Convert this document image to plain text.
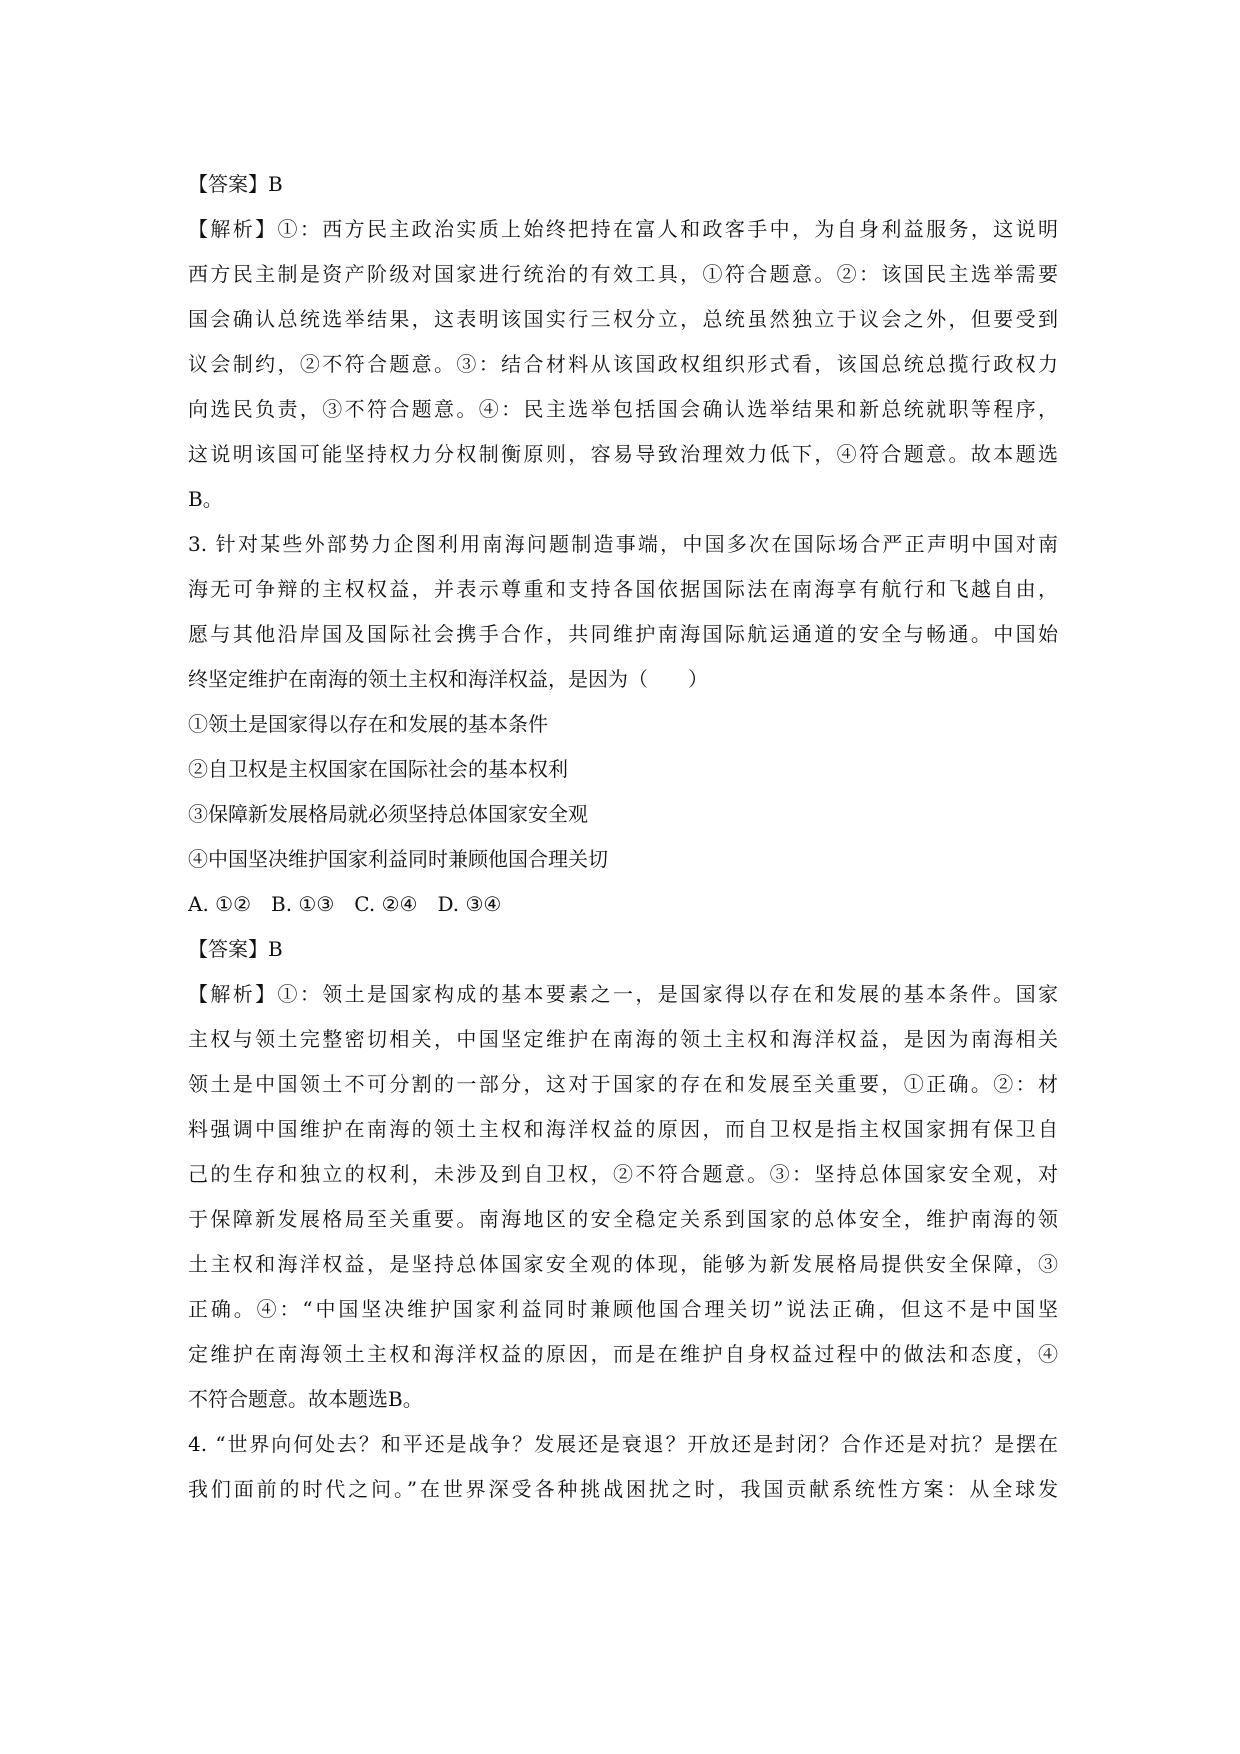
【答案】B
【解析】①：西方民主政治实质上始终把持在富人和政客手中，为自身利益服务，这说明
西方民主制是资产阶级对国家进行统治的有效工具，①符合题意。②：该国民主选举需要
国会确认总统选举结果，这表明该国实行三权分立，总统虽然独立于议会之外，但要受到
议会制约，②不符合题意。③：结合材料从该国政权组织形式看，该国总统总揽行政权力
向选民负责，③不符合题意。④：民主选举包括国会确认选举结果和新总统就职等程序，
这说明该国可能坚持权力分权制衡原则，容易导致治理效力低下，④符合题意。故本题选
B。
3. 针对某些外部势力企图利用南海问题制造事端，中国多次在国际场合严正声明中国对南
海无可争辩的主权权益，并表示尊重和支持各国依据国际法在南海享有航行和飞越自由，
愿与其他沿岸国及国际社会携手合作，共同维护南海国际航运通道的安全与畅通。中国始
终坚定维护在南海的领土主权和海洋权益，是因为（　　）
①领土是国家得以存在和发展的基本条件
②自卫权是主权国家在国际社会的基本权利
③保障新发展格局就必须坚持总体国家安全观
④中国坚决维护国家利益同时兼顾他国合理关切
A. ①②　B. ①③　C. ②④　D. ③④
【答案】B
【解析】①：领土是国家构成的基本要素之一，是国家得以存在和发展的基本条件。国家
主权与领土完整密切相关，中国坚定维护在南海的领土主权和海洋权益，是因为南海相关
领土是中国领土不可分割的一部分，这对于国家的存在和发展至关重要，①正确。②：材
料强调中国维护在南海的领土主权和海洋权益的原因，而自卫权是指主权国家拥有保卫自
己的生存和独立的权利，未涉及到自卫权，②不符合题意。③：坚持总体国家安全观，对
于保障新发展格局至关重要。南海地区的安全稳定关系到国家的总体安全，维护南海的领
土主权和海洋权益，是坚持总体国家安全观的体现，能够为新发展格局提供安全保障，③
正确。④：“中国坚决维护国家利益同时兼顾他国合理关切”说法正确，但这不是中国坚
定维护在南海领土主权和海洋权益的原因，而是在维护自身权益过程中的做法和态度，④
不符合题意。故本题选B。
4. “世界向何处去？和平还是战争？发展还是衰退？开放还是封闭？合作还是对抗？是摆在
我们面前的时代之问。”在世界深受各种挑战困扰之时，我国贡献系统性方案：从全球发
